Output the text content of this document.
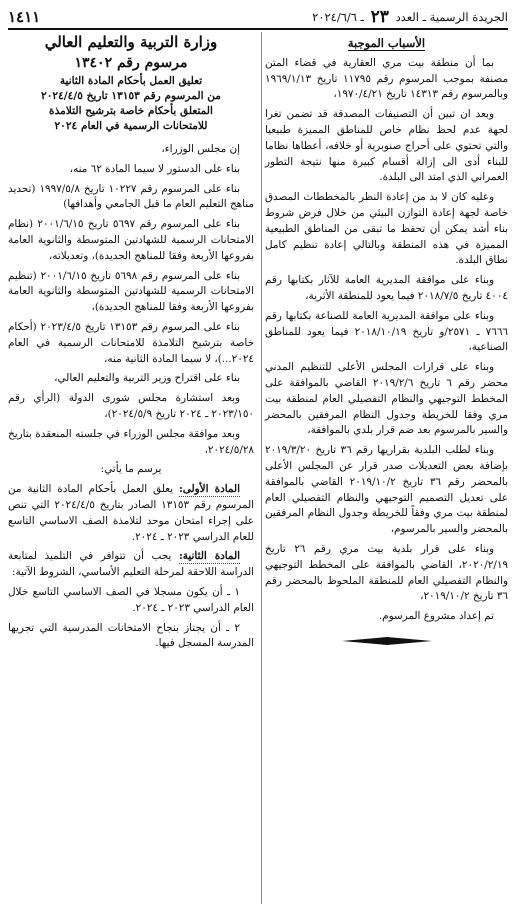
الجريدة الرسمية ـ العدد ٢٣ ـ ٢٠٢٤/٦/٦
١٤١١
الأسباب الموجبة

بما أن منطقة بيت مري العقارية في قضاء المتن مصنفة بموجب المرسوم رقم ١١٧٩٥ تاريخ ١٩٦٩/١/١٣ وبالمرسوم رقم ١٤٣١٣ تاريخ ١٩٧٠/٤/٢١،

وبعد ان تبين أن التصنيفات المصدقة قد تضمن تغرا لجهة عدم لحظ نظام خاص للمناطق المميزة طبيعيا والتي تحتوي على أحراج صنوبرية أو خلافه، أعطاها نظاما للبناء أدى الى إزالة أقسام كبيرة منها نتيجة التطور العمراني الذي امتد الى البلدة.

وعليه كان لا بد من إعادة النظر بالمخططات المصدق خاصة لجهة إعادة التوازن البيئي من خلال فرض شروط بناء أشد يمكن أن تحفظ ما تبقى من المناطق الطبيعية المميزة في هذه المنطقة وبالتالي إعادة تنظيم كامل نطاق البلدة.

وبناء على موافقة المديرية العامة للآثار بكتابها رقم ٤٠٠٤ تاريخ ٢٠١٨/٧/٥ فيما يعود للمنطقة الأثرية،

وبناء على موافقة المديرية العامة للصناعة بكتابها رقم ٧٦٦٦ ـ ٢٥٧١/و تاريخ ٢٠١٨/١٠/١٩ فيما يعود للمناطق الصناعية،

وبناء على قرارات المجلس الأعلى للتنظيم المدني محضر رقم ٦ تاريخ ٢٠١٩/٢/٦ القاضي بالموافقة على المخطط التوجيهي والنظام التفصيلي العام لمنطقة بيت مري وفقا للخريطة وجدول النظام المرفقين بالمحضر والسير بالمرسوم بعد ضم قرار بلدي بالموافقة،

وبناء لطلب البلدية بقراريها رقم ٣٦ تاريخ ٢٠١٩/٣/٢٠ بإضافة بعض التعديلات صدر قرار عن المجلس الأعلى بالمحضر رقم ٣٦ تاريخ ٢٠١٩/١٠/٢ القاضي بالموافقة على تعديل التصميم التوجيهي والنظام التفصيلي العام لمنطقة بيت مري وفقاً للخريطة وجدول النظام المرفقين بالمحضر والسير بالمرسوم،

وبناء على قرار بلدية بيت مري رقم ٢٦ تاريخ ٢٠٢٠/٢/١٩، القاضي بالموافقة على المخطط التوجيهي والنظام التفصيلي العام للمنطقة الملحوظ بالمحضر رقم ٣٦ تاريخ ٢٠١٩/١٠/٢،

تم إعداد مشروع المرسوم.

وزارة التربية والتعليم العالي
مرسوم رقم ١٣٤٠٢
تعليق العمل بأحكام المادة الثانية
من المرسوم رقم ١٣١٥٣ تاريخ ٢٠٢٤/٤/٥
المتعلق بأحكام خاصة بترشيح التلامذة
للامتحانات الرسمية في العام ٢٠٢٤

إن مجلس الوزراء،

بناء على الدستور لا سيما المادة ٦٢ منه،

بناء على المرسوم رقم ١٠٢٢٧ تاريخ ١٩٩٧/٥/٨ (تحديد مناهج التعليم العام ما قبل الجامعي وأهدافها)

بناء على المرسوم رقم ٥٦٩٧ تاريخ ٢٠٠١/٦/١٥ (نظام الامتحانات الرسمية للشهادتين المتوسطة والثانوية العامة بفروعها الأربعة وفقا للمناهج الجديدة)، وتعديلاته،

بناء على المرسوم رقم ٥٦٩٨ تاريخ ٢٠٠١/٦/١٥ (تنظيم الامتحانات الرسمية للشهادتين المتوسطة والثانوية العامة بفروعها الأربعة وفقا للمناهج الجديدة)،

بناء على المرسوم رقم ١٣١٥٣ تاريخ ٢٠٢٣/٤/٥ (أحكام خاصة بترشيح التلامذة للامتحانات الرسمية في العام ٢٠٢٤...)، لا سيما المادة الثانية منه،

بناء على اقتراح وزير التربية والتعليم العالي،

وبعد استشارة مجلس شورى الدولة (الرأي رقم ٢٠٢٣/١٥٠ ـ ٢٠٢٤ تاريخ ٢٠٢٤/٥/٩)،

وبعد موافقة مجلس الوزراء في جلسته المنعقدة بتاريخ ٢٠٢٤/٥/٢٨،

يرسم ما يأتي:

المادة الأولى: يعلق العمل بأحكام المادة الثانية من المرسوم رقم ١٣١٥٣ الصادر بتاريخ ٢٠٢٤/٤/٥ التي تنص على إجراء امتحان موحد لتلامذة الصف الاساسي التاسع للعام الدراسي ٢٠٢٣ ـ ٢٠٢٤.

المادة الثانية: يجب أن تتوافر في التلميذ لمتابعة الدراسة اللاحقة لمرحلة التعليم الأساسي، الشروط الآتية:

١ ـ أن يكون مسجلا في الصف الاساسي التاسع خلال العام الدراسي ٢٠٢٣ ـ ٢٠٢٤.

٢ ـ أن يجتاز بنجاح الامتحانات المدرسية التي تجريها المدرسة المسجل فيها.
